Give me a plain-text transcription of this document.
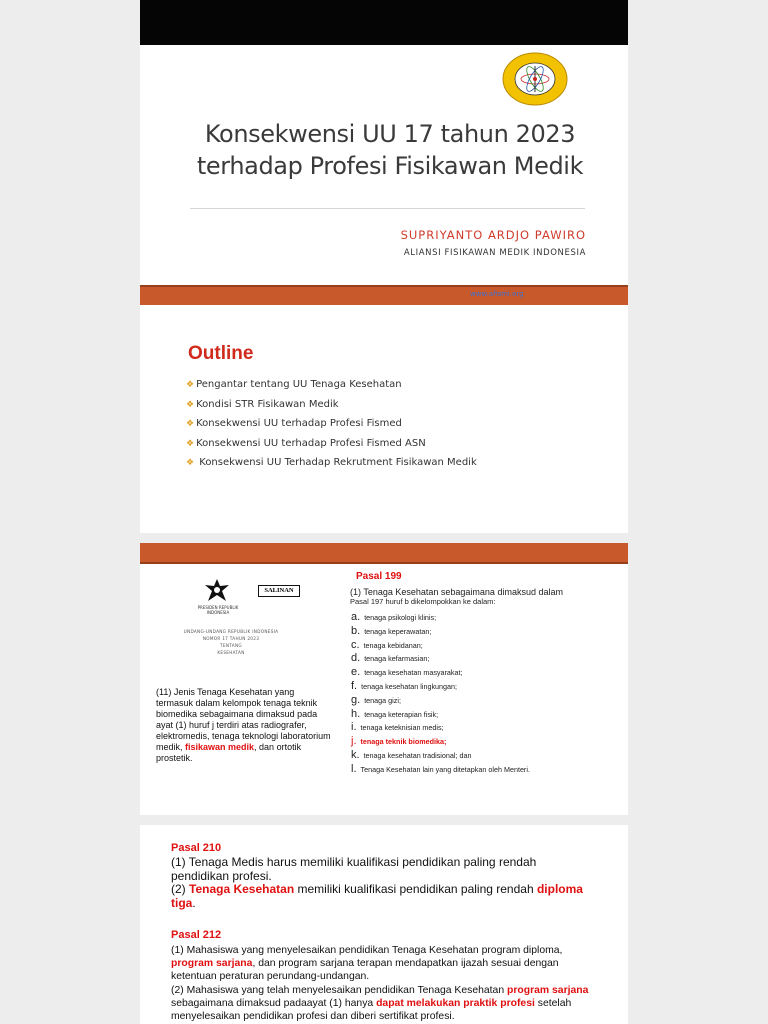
Konsekwensi UU 17 tahun 2023
terhadap Profesi Fisikawan Medik
SUPRIYANTO ARDJO PAWIRO
ALIANSI FISIKAWAN MEDIK INDONESIA
www.afismi.org
Outline
❖ Pengantar tentang UU Tenaga Kesehatan
❖ Kondisi STR Fisikawan Medik
❖ Konsekwensi UU terhadap Profesi Fismed
❖ Konsekwensi UU terhadap Profesi Fismed ASN
❖ Konsekwensi UU Terhadap Rekrutment Fisikawan Medik
PRESIDEN REPUBLIK INDONESIA
SALINAN
UNDANG-UNDANG REPUBLIK INDONESIA
NOMOR 17 TAHUN 2023
TENTANG
KESEHATAN
(11) Jenis Tenaga Kesehatan yang termasuk dalam kelompok tenaga teknik biomedika sebagaimana dimaksud pada ayat (1) huruf j terdiri atas radiografer, elektromedis, tenaga teknologi laboratorium medik, fisikawan medik, dan ortotik prostetik.
Pasal 199
(1) Tenaga Kesehatan sebagaimana dimaksud dalam
Pasal 197 huruf b dikelompokkan ke dalam:
a. tenaga psikologi klinis;
b. tenaga keperawatan;
c. tenaga kebidanan;
d. tenaga kefarmasian;
e. tenaga kesehatan masyarakat;
f. tenaga kesehatan lingkungan;
g. tenaga gizi;
h. tenaga keterapian fisik;
i. tenaga keteknisian medis;
j. tenaga teknik biomedika;
k. tenaga kesehatan tradisional; dan
l. Tenaga Kesehatan lain yang ditetapkan oleh Menteri.
Pasal 210
(1) Tenaga Medis harus memiliki kualifikasi pendidikan paling rendah pendidikan profesi.
(2) Tenaga Kesehatan memiliki kualifikasi pendidikan paling rendah diploma tiga.
Pasal 212
(1) Mahasiswa yang menyelesaikan pendidikan Tenaga Kesehatan program diploma, program sarjana, dan program sarjana terapan mendapatkan ijazah sesuai dengan ketentuan peraturan perundang-undangan.
(2) Mahasiswa yang telah menyelesaikan pendidikan Tenaga Kesehatan program sarjana sebagaimana dimaksud padaayat (1) hanya dapat melakukan praktik profesi setelah menyelesaikan pendidikan profesi dan diberi sertifikat profesi.
